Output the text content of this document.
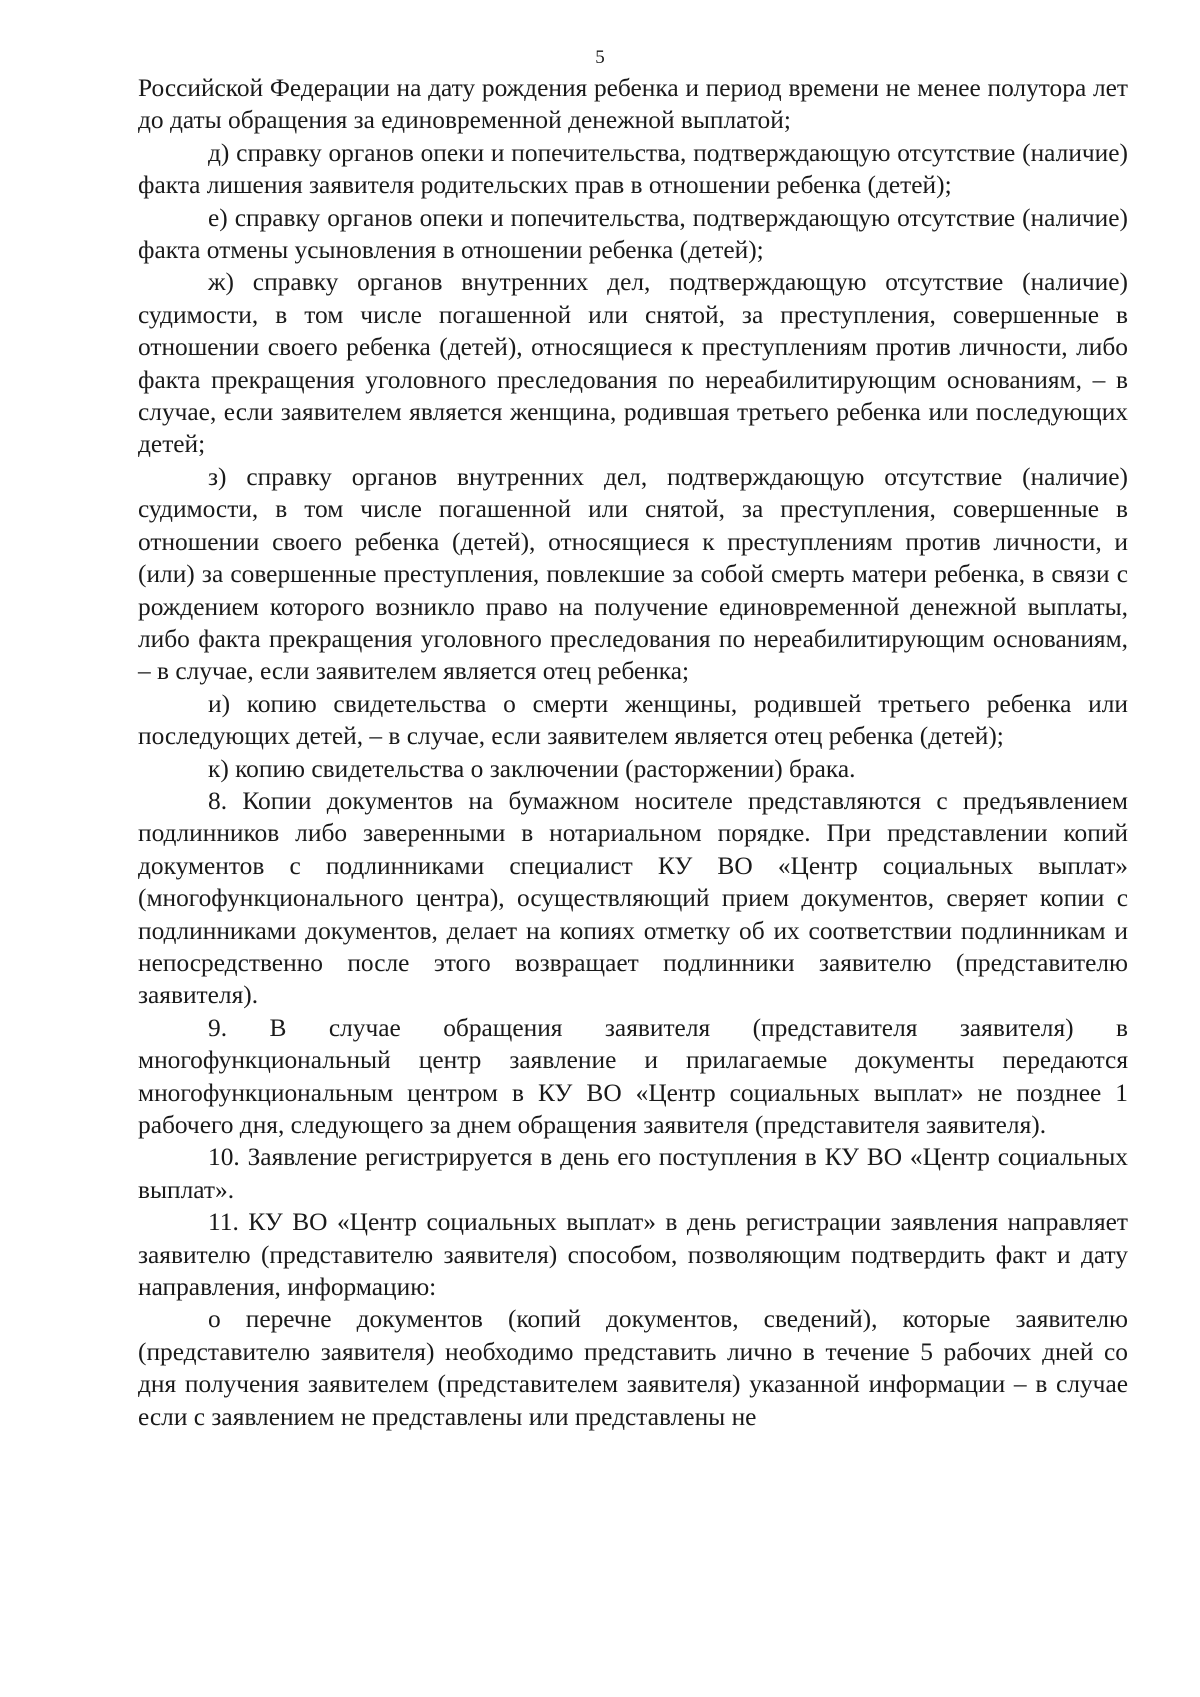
5

Российской Федерации на дату рождения ребенка и период времени не менее полутора лет до даты обращения за единовременной денежной выплатой;

д) справку органов опеки и попечительства, подтверждающую отсутствие (наличие) факта лишения заявителя родительских прав в отношении ребенка (детей);

е) справку органов опеки и попечительства, подтверждающую отсутствие (наличие) факта отмены усыновления в отношении ребенка (детей);

ж) справку органов внутренних дел, подтверждающую отсутствие (наличие) судимости, в том числе погашенной или снятой, за преступления, совершенные в отношении своего ребенка (детей), относящиеся к преступлениям против личности, либо факта прекращения уголовного преследования по нереабилитирующим основаниям, – в случае, если заявителем является женщина, родившая третьего ребенка или последующих детей;

з) справку органов внутренних дел, подтверждающую отсутствие (наличие) судимости, в том числе погашенной или снятой, за преступления, совершенные в отношении своего ребенка (детей), относящиеся к преступлениям против личности, и (или) за совершенные преступления, повлекшие за собой смерть матери ребенка, в связи с рождением которого возникло право на получение единовременной денежной выплаты, либо факта прекращения уголовного преследования по нереабилитирующим основаниям, – в случае, если заявителем является отец ребенка;

и) копию свидетельства о смерти женщины, родившей третьего ребенка или последующих детей, – в случае, если заявителем является отец ребенка (детей);

к) копию свидетельства о заключении (расторжении) брака.

8. Копии документов на бумажном носителе представляются с предъявлением подлинников либо заверенными в нотариальном порядке. При представлении копий документов с подлинниками специалист КУ ВО «Центр социальных выплат» (многофункционального центра), осуществляющий прием документов, сверяет копии с подлинниками документов, делает на копиях отметку об их соответствии подлинникам и непосредственно после этого возвращает подлинники заявителю (представителю заявителя).

9. В случае обращения заявителя (представителя заявителя) в многофункциональный центр заявление и прилагаемые документы передаются многофункциональным центром в КУ ВО «Центр социальных выплат» не позднее 1 рабочего дня, следующего за днем обращения заявителя (представителя заявителя).

10. Заявление регистрируется в день его поступления в КУ ВО «Центр социальных выплат».

11. КУ ВО «Центр социальных выплат» в день регистрации заявления направляет заявителю (представителю заявителя) способом, позволяющим подтвердить факт и дату направления, информацию:

о перечне документов (копий документов, сведений), которые заявителю (представителю заявителя) необходимо представить лично в течение 5 рабочих дней со дня получения заявителем (представителем заявителя) указанной информации – в случае если с заявлением не представлены или представлены не
